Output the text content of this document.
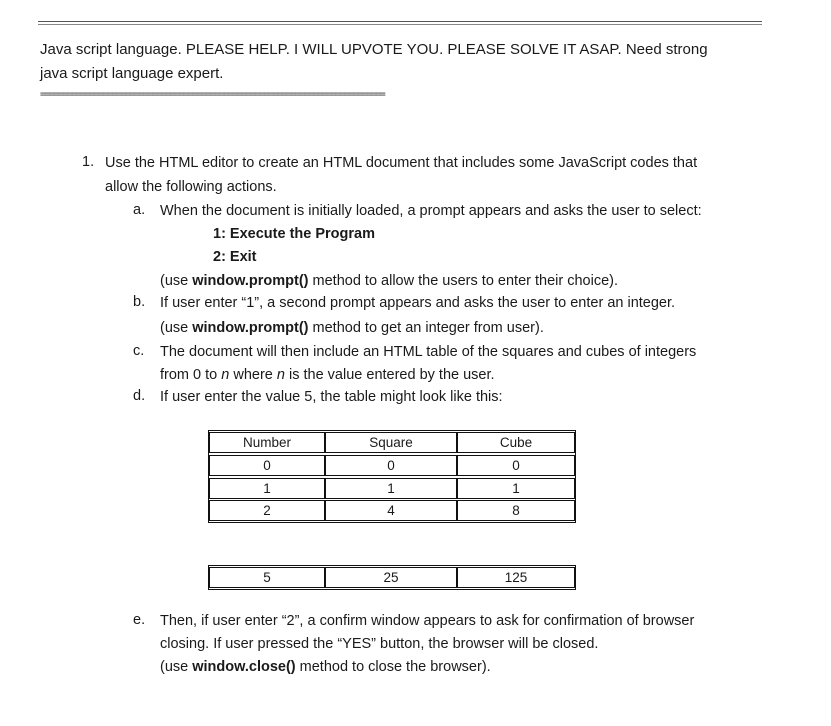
Java script language. PLEASE HELP. I WILL UPVOTE YOU. PLEASE SOLVE IT ASAP. Need strong
java script language expert.
=============================================================================
1. Use the HTML editor to create an HTML document that includes some JavaScript codes that
allow the following actions.
a. When the document is initially loaded, a prompt appears and asks the user to select:
1: Execute the Program
2: Exit
(use window.prompt() method to allow the users to enter their choice).
b. If user enter “1”, a second prompt appears and asks the user to enter an integer.
(use window.prompt() method to get an integer from user).
c. The document will then include an HTML table of the squares and cubes of integers
from 0 to n where n is the value entered by the user.
d. If user enter the value 5, the table might look like this:
Number	Square	Cube
0	0	0
1	1	1
2	4	8
5	25	125
e. Then, if user enter “2”, a confirm window appears to ask for confirmation of browser
closing. If user pressed the “YES” button, the browser will be closed.
(use window.close() method to close the browser).
